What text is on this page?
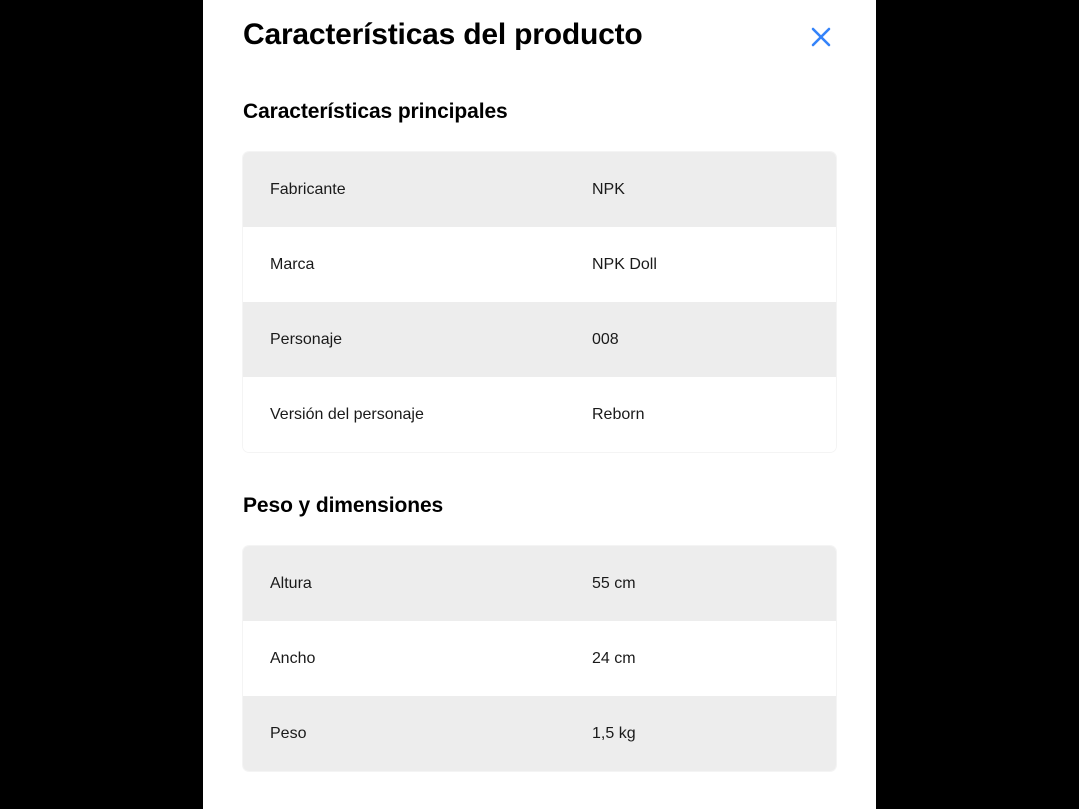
Características del producto
Características principales
Fabricante	NPK
Marca	NPK Doll
Personaje	008
Versión del personaje	Reborn
Peso y dimensiones
Altura	55 cm
Ancho	24 cm
Peso	1,5 kg
